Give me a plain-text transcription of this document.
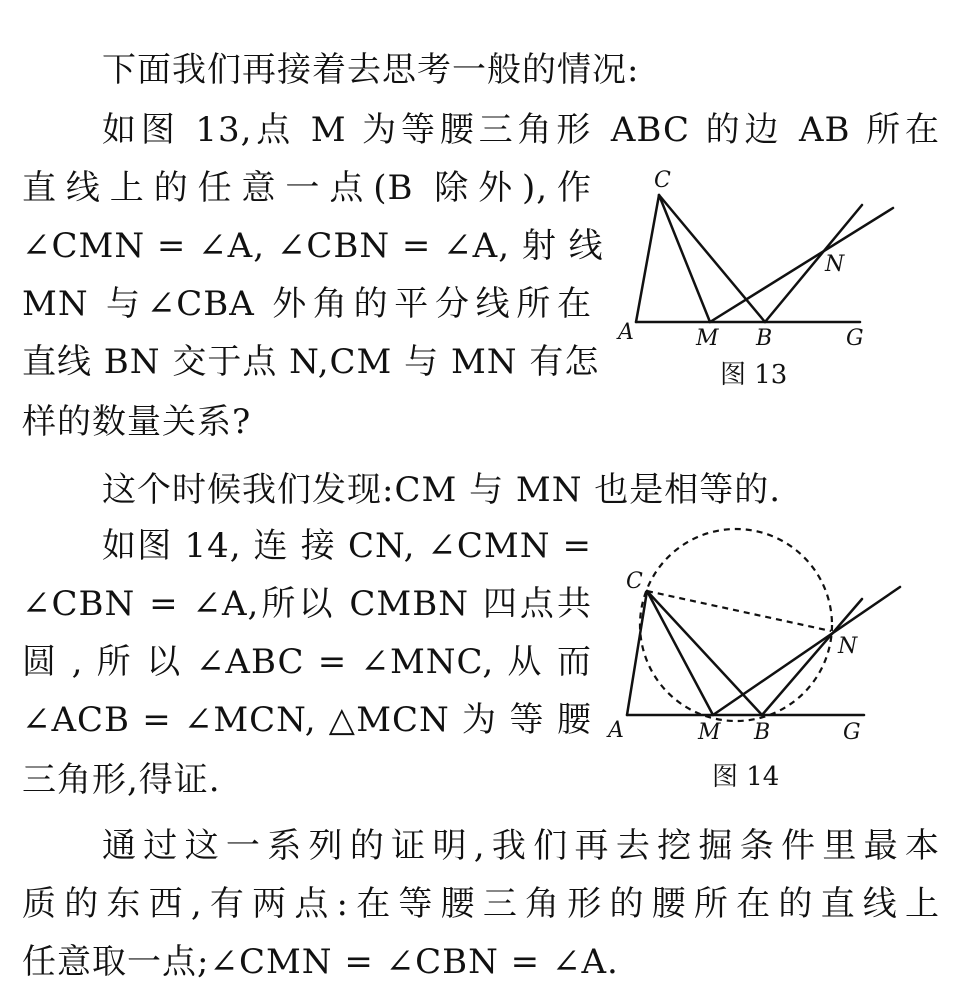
下面我们再接着去思考一般的情况:
如图 13,点 M 为等腰三角形 ABC 的边 AB 所在
直线上的任意一点(B 除外),作
∠CMN = ∠A, ∠CBN = ∠A, 射 线
MN 与∠CBA 外角的平分线所在
直线 BN 交于点 N,CM 与 MN 有怎
样的数量关系?
C
N
A	M B	G
图 13
这个时候我们发现:CM 与 MN 也是相等的.
如图 14, 连 接 CN, ∠CMN =
∠CBN = ∠A,所以 CMBN 四点共
圆 , 所 以 ∠ABC = ∠MNC, 从 而
∠ACB = ∠MCN, △MCN 为 等 腰
三角形,得证.
C
N
A	M B	G
图 14
通过这一系列的证明,我们再去挖掘条件里最本
质的东西,有两点:在等腰三角形的腰所在的直线上
任意取一点;∠CMN = ∠CBN = ∠A.
